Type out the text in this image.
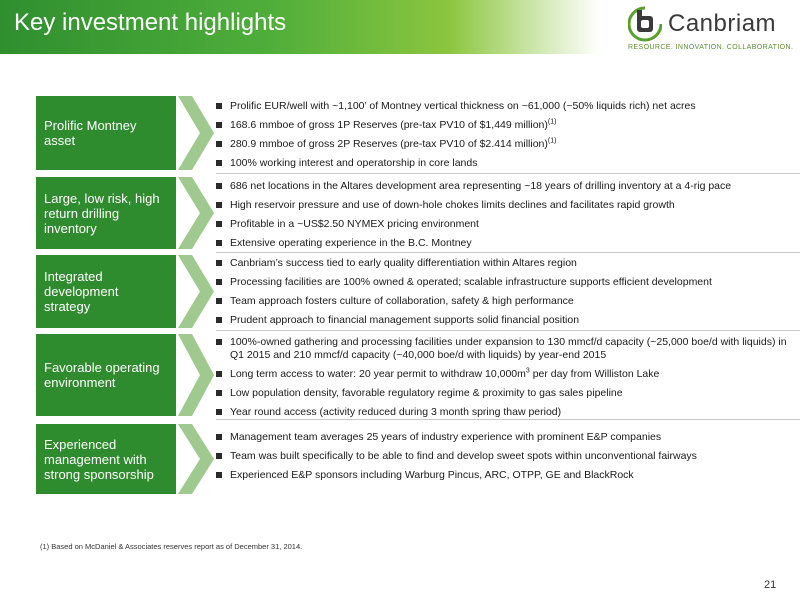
Key investment highlights	Canbriam
RESOURCE. INNOVATION. COLLABORATION.
Prolific Montney asset
Prolific EUR/well with ~1,100’ of Montney vertical thickness on ~61,000 (~50% liquids rich) net acres
168.6 mmboe of gross 1P Reserves (pre-tax PV10 of $1,449 million)$^{(1)}$
280.9 mmboe of gross 2P Reserves (pre-tax PV10 of $2.414 million)$^{(1)}$
100% working interest and operatorship in core lands
Large, low risk, high return drilling inventory
686 net locations in the Altares development area representing ~18 years of drilling inventory at a 4-rig pace
High reservoir pressure and use of down-hole chokes limits declines and facilitates rapid growth
Profitable in a ~US$2.50 NYMEX pricing environment
Extensive operating experience in the B.C. Montney
Integrated development strategy
Canbriam’s success tied to early quality differentiation within Altares region
Processing facilities are 100% owned & operated; scalable infrastructure supports efficient development
Team approach fosters culture of collaboration, safety & high performance
Prudent approach to financial management supports solid financial position
Favorable operating environment
100%-owned gathering and processing facilities under expansion to 130 mmcf/d capacity (~25,000 boe/d with liquids) in Q1 2015 and 210 mmcf/d capacity (~40,000 boe/d with liquids) by year-end 2015
Long term access to water: 20 year permit to withdraw $10,000m^3$ per day from Williston Lake
Low population density, favorable regulatory regime & proximity to gas sales pipeline
Year round access (activity reduced during 3 month spring thaw period)
Experienced management with strong sponsorship
Management team averages 25 years of industry experience with prominent E&P companies
Team was built specifically to be able to find and develop sweet spots within unconventional fairways
Experienced E&P sponsors including Warburg Pincus, ARC, OTPP, GE and BlackRock
(1) Based on McDaniel & Associates reserves report as of December 31, 2014.
21
